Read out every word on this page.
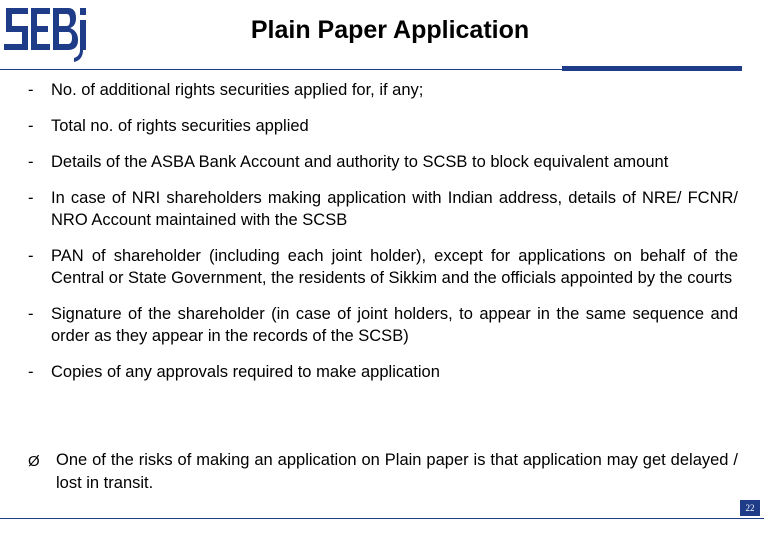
Plain Paper Application
-	No. of additional rights securities applied for, if any;
-	Total no. of rights securities applied
-	Details of the ASBA Bank Account and authority to SCSB to block equivalent amount
-	In case of NRI shareholders making application with Indian address, details of NRE/ FCNR/ NRO Account maintained with the SCSB
-	PAN of shareholder (including each joint holder), except for applications on behalf of the Central or State Government, the residents of Sikkim and the officials appointed by the courts
-	Signature of the shareholder (in case of joint holders, to appear in the same sequence and order as they appear in the records of the SCSB)
-	Copies of any approvals required to make application
Ø One of the risks of making an application on Plain paper is that application may get delayed / lost in transit.
22
